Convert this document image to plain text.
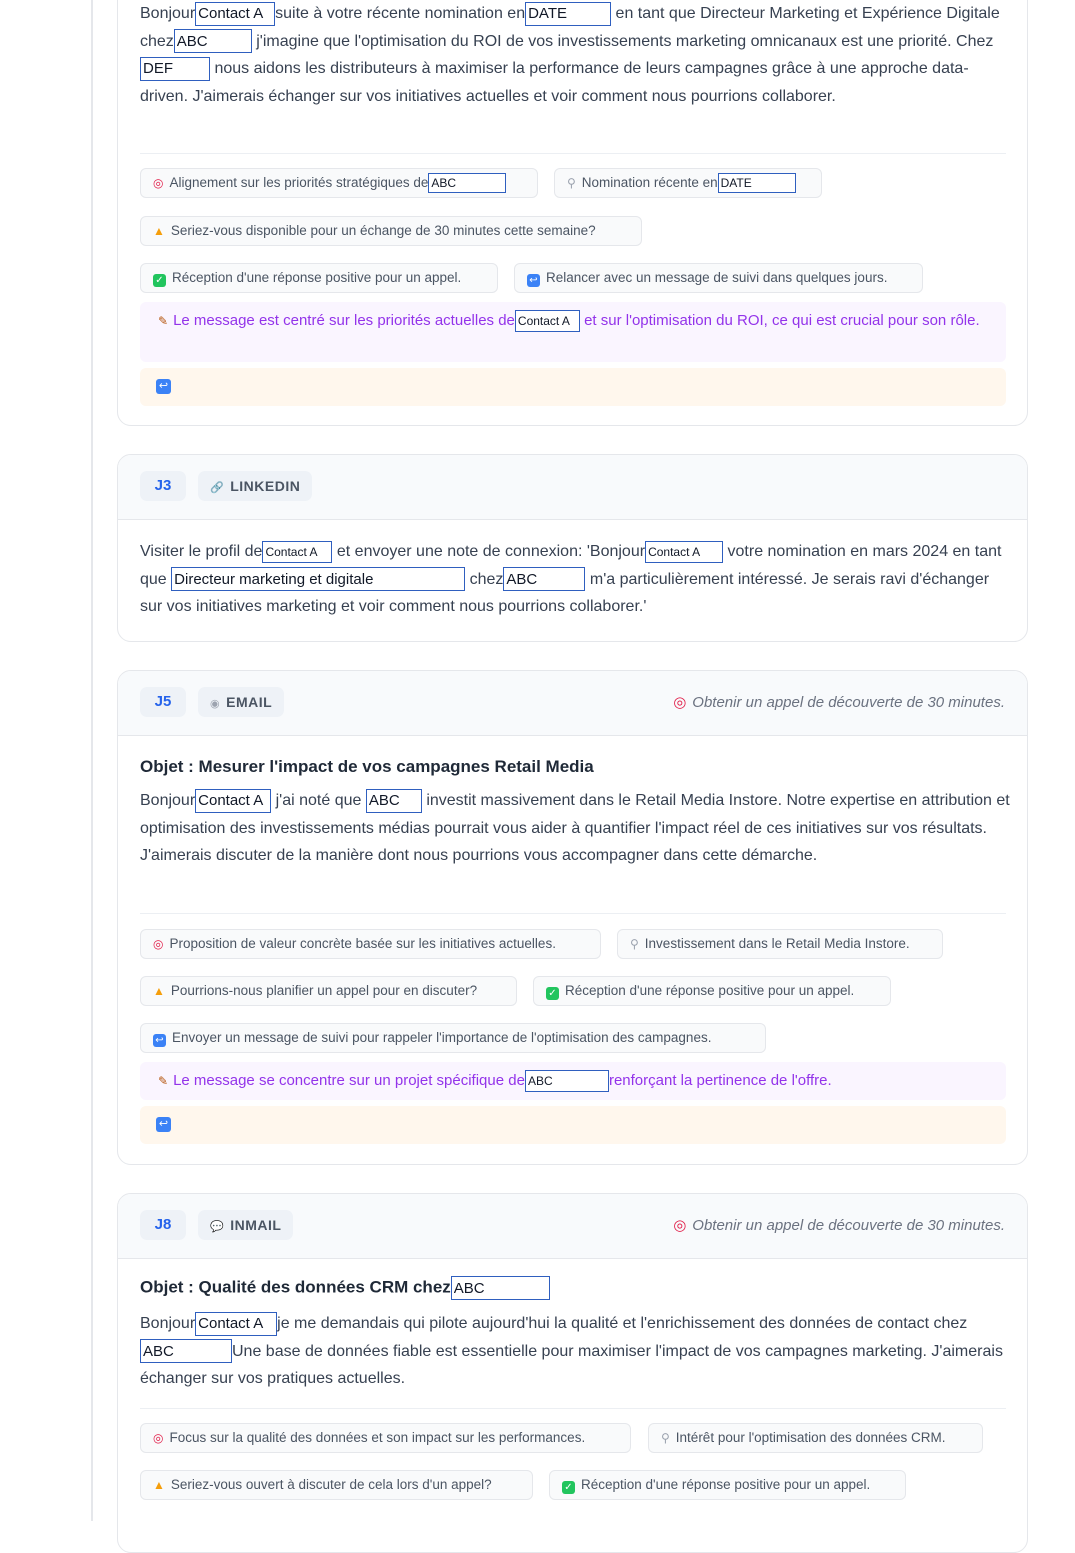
BonjourContact A	suite à votre récente nomination enDATE	en tant que Directeur Marketing et Expérience Digitale chezABC	j'imagine que l'optimisation du ROI de vos investissements marketing omnicanaux est une priorité. ChezDEF nous aidons les distributeurs à maximiser la performance de leurs campagnes grâce à une approche data-driven. J'aimerais échanger sur vos initiatives actuelles et voir comment nous pourrions collaborer.
◎ Alignement sur les priorités stratégiques deABC	⚲ Nomination récente enDATE
▲ Seriez-vous disponible pour un échange de 30 minutes cette semaine?
✓ Réception d'une réponse positive pour un appel.	↩ Relancer avec un message de suivi dans quelques jours.
✎ Le message est centré sur les priorités actuelles deContact A	et sur l'optimisation du ROI, ce qui est crucial pour son rôle.
↩
J3	🔗 LINKEDIN
Visiter le profil deContact A	et envoyer une note de connexion: 'BonjourContact A	votre nomination en mars 2024 en tant que Directeur marketing et digitale	chezABC	m'a particulièrement intéressé. Je serais ravi d'échanger sur vos initiatives marketing et voir comment nous pourrions collaborer.'
J5	◉ EMAIL	◎ Obtenir un appel de découverte de 30 minutes.
Objet : Mesurer l'impact de vos campagnes Retail Media
BonjourContact A	j'ai noté que ABC	investit massivement dans le Retail Media Instore. Notre expertise en attribution et optimisation des investissements médias pourrait vous aider à quantifier l'impact réel de ces initiatives sur vos résultats. J'aimerais discuter de la manière dont nous pourrions vous accompagner dans cette démarche.
◎ Proposition de valeur concrète basée sur les initiatives actuelles.	⚲ Investissement dans le Retail Media Instore.
▲ Pourrions-nous planifier un appel pour en discuter?	✓ Réception d'une réponse positive pour un appel.
↩ Envoyer un message de suivi pour rappeler l'importance de l'optimisation des campagnes.
✎ Le message se concentre sur un projet spécifique deABC	renforçant la pertinence de l'offre.
↩
J8	💬 INMAIL	◎ Obtenir un appel de découverte de 30 minutes.
Objet : Qualité des données CRM chezABC
BonjourContact A	je me demandais qui pilote aujourd'hui la qualité et l'enrichissement des données de contact chez ABCUne base de données fiable est essentielle pour maximiser l'impact de vos campagnes marketing. J'aimerais échanger sur vos pratiques actuelles.
◎ Focus sur la qualité des données et son impact sur les performances.	⚲ Intérêt pour l'optimisation des données CRM.
▲ Seriez-vous ouvert à discuter de cela lors d'un appel?	✓ Réception d'une réponse positive pour un appel.
